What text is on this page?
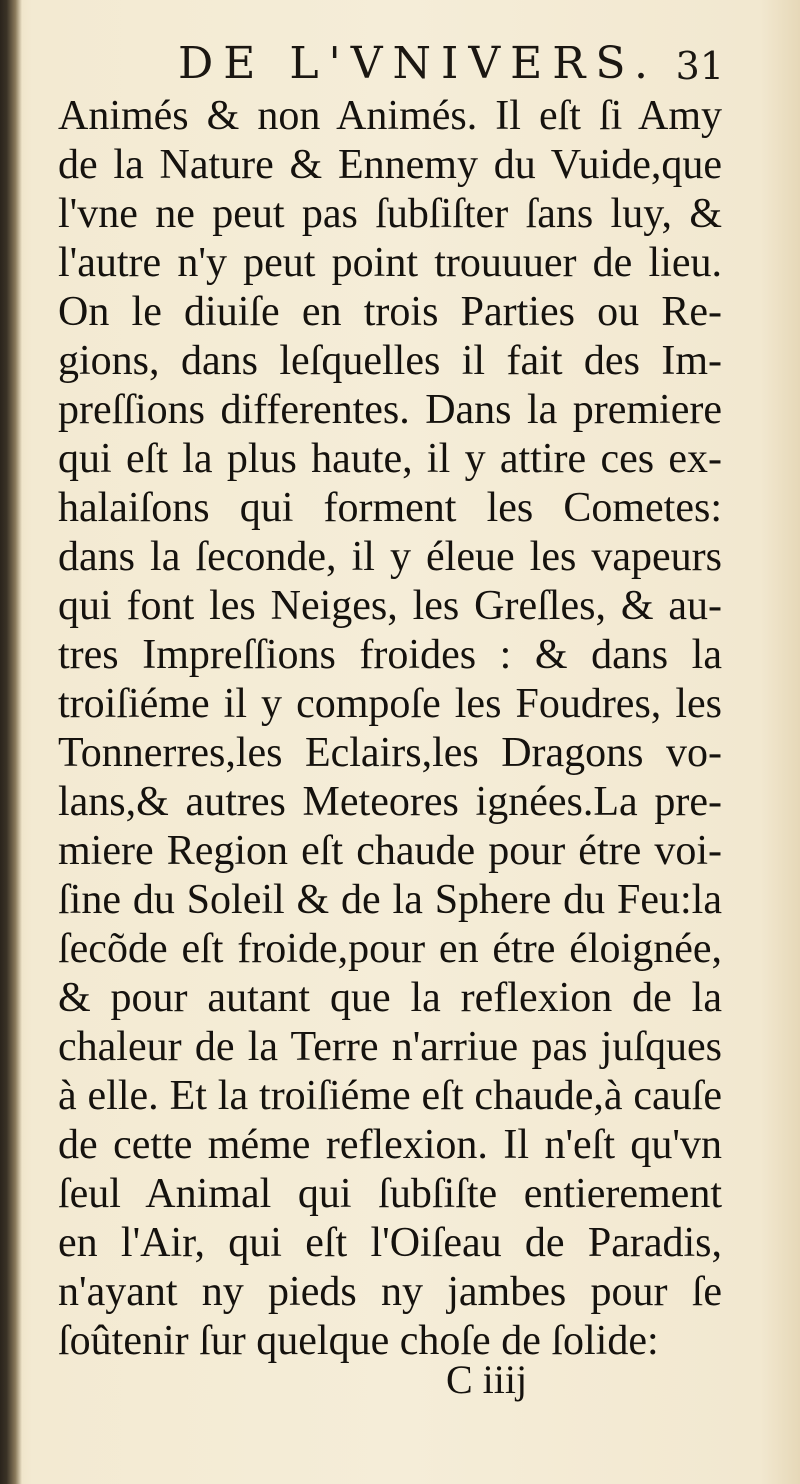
DE L'VNIVERS. 31
Animés & non Animés. Il eſt ſi Amy
de la Nature & Ennemy du Vuide,que
l'vne ne peut pas ſubſiſter ſans luy, &
l'autre n'y peut point trouuuer de lieu.
On le diuiſe en trois Parties ou Re-
gions, dans leſquelles il fait des Im-
preſſions differentes. Dans la premiere
qui eſt la plus haute, il y attire ces ex-
halaiſons qui forment les Cometes:
dans la ſeconde, il y éleue les vapeurs
qui font les Neiges, les Greſles, & au-
tres Impreſſions froides : & dans la
troiſiéme il y compoſe les Foudres, les
Tonnerres,les Eclairs,les Dragons vo-
lans,& autres Meteores ignées.La pre-
miere Region eſt chaude pour étre voi-
ſine du Soleil & de la Sphere du Feu:la
ſecõde eſt froide,pour en étre éloignée,
& pour autant que la reflexion de la
chaleur de la Terre n'arriue pas juſques
à elle. Et la troiſiéme eſt chaude,à cauſe
de cette méme reflexion. Il n'eſt qu'vn
ſeul Animal qui ſubſiſte entierement
en l'Air, qui eſt l'Oiſeau de Paradis,
n'ayant ny pieds ny jambes pour ſe
ſoûtenir ſur quelque choſe de ſolide:
C iiij
